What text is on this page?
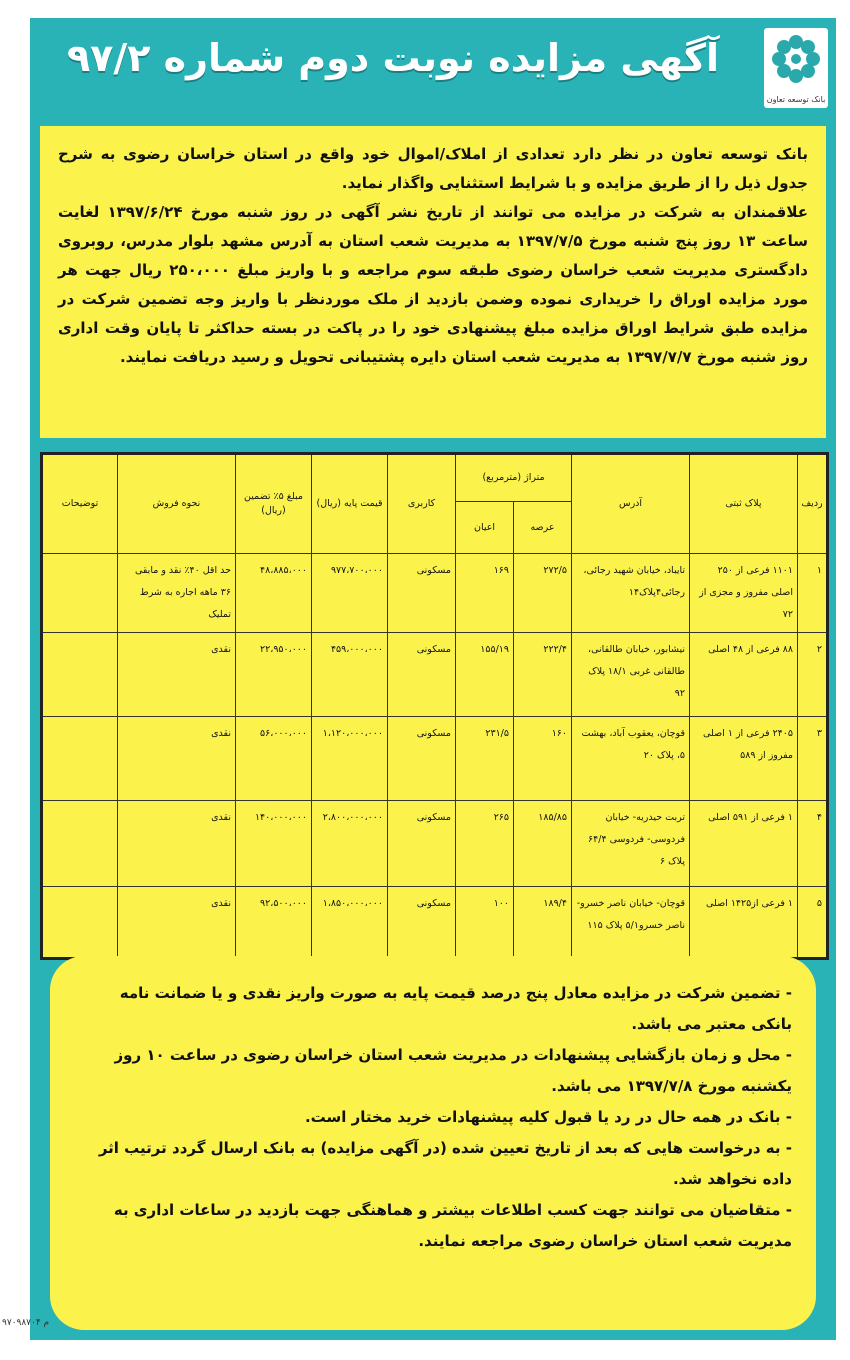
بانک توسعه تعاون
آگهی مزایده نوبت دوم شماره ۹۷/۲

بانک توسعه تعاون در نظر دارد تعدادی از املاک/اموال خود واقع در استان خراسان رضوی به شرح جدول ذیل را از طریق مزایده و با شرایط استثنایی واگذار نماید.

علاقمندان به شرکت در مزایده می توانند از تاریخ نشر آگهی در روز شنبه مورخ ۱۳۹۷/۶/۲۴ لغایت ساعت ۱۳ روز پنج شنبه مورخ ۱۳۹۷/۷/۵ به مدیریت شعب استان به آدرس مشهد بلوار مدرس، روبروی دادگستری مدیریت شعب خراسان رضوی طبقه سوم مراجعه و با واریز مبلغ ۲۵۰،۰۰۰ ریال جهت هر مورد مزایده اوراق را خریداری نموده وضمن بازدید از ملک موردنظر با واریز وجه تضمین شرکت در مزایده طبق شرایط اوراق مزایده مبلغ پیشنهادی خود را در پاکت در بسته حداکثر تا پایان وقت اداری روز شنبه مورخ ۱۳۹۷/۷/۷ به مدیریت شعب استان دایره پشتیبانی تحویل و رسید دریافت نمایند.

ردیف	پلاک ثبتی	آدرس	متراژ (مترمربع)		کاربری	قیمت پایه (ریال)	مبلغ ۵٪ تضمین (ریال)	نحوه فروش	توضیحات
			عرصه	اعیان					
۱	۱۱۰۱ فرعی از ۲۵۰ اصلی مفروز و مجزی از ۷۲	تایباد، خیابان شهید رجائی، رجائی۴پلاک۱۴	۲۷۲/۵	۱۶۹	مسکونی	۹۷۷،۷۰۰،۰۰۰	۴۸،۸۸۵،۰۰۰	حد اقل ۴۰٪ نقد و مابقی ۳۶ ماهه اجاره به شرط تملیک	
۲	۸۸ فرعی از ۴۸ اصلی	نیشابور، خیابان طالقانی، طالقانی غربی ۱۸/۱ پلاک ۹۲	۲۲۲/۴	۱۵۵/۱۹	مسکونی	۴۵۹،۰۰۰،۰۰۰	۲۲،۹۵۰،۰۰۰	نقدی	
۳	۲۴۰۵ فرعی از ۱ اصلی مفروز از ۵۸۹	قوچان، یعقوب آباد، بهشت ۵، پلاک ۲۰	۱۶۰	۲۳۱/۵	مسکونی	۱،۱۲۰،۰۰۰،۰۰۰	۵۶،۰۰۰،۰۰۰	نقدی	
۴	۱ فرعی از ۵۹۱ اصلی	تربت حیدریه- خیابان فردوسی- فردوسی ۶۴/۴ پلاک ۶	۱۸۵/۸۵	۲۶۵	مسکونی	۲،۸۰۰،۰۰۰،۰۰۰	۱۴۰،۰۰۰،۰۰۰	نقدی	
۵	۱ فرعی از۱۴۲۵ اصلی	قوچان- خیابان ناصر خسرو- ناصر خسرو۵/۱ پلاک ۱۱۵	۱۸۹/۴	۱۰۰	مسکونی	۱،۸۵۰،۰۰۰،۰۰۰	۹۲،۵۰۰،۰۰۰	نقدی	

- تضمین شرکت در مزایده معادل پنج درصد قیمت پایه به صورت واریز نقدی و یا ضمانت نامه بانکی معتبر می باشد.

- محل و زمان بازگشایی پیشنهادات در مدیریت شعب استان خراسان رضوی در ساعت ۱۰ روز یکشنبه مورخ ۱۳۹۷/۷/۸ می باشد.

- بانک در همه حال در رد یا قبول کلیه پیشنهادات خرید مختار است.

- به درخواست هایی که بعد از تاریخ تعیین شده (در آگهی مزایده) به بانک ارسال گردد ترتیب اثر داده نخواهد شد.

- متقاضیان می توانند جهت کسب اطلاعات بیشتر و هماهنگی جهت بازدید در ساعات اداری به مدیریت شعب استان خراسان رضوی مراجعه نمایند.

م ۹۷۰۹۸۷۰۴
